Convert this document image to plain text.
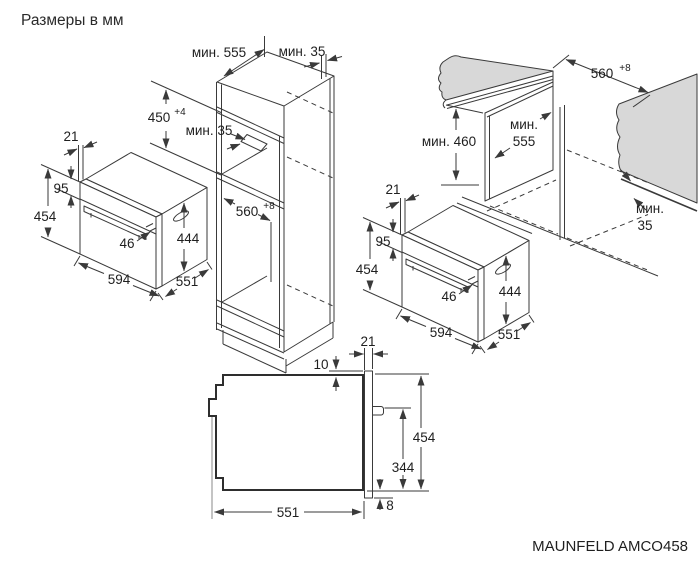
Размеры в мм
MAUNFELD AMCO458
мин. 555 мин. 35
450 +4
мин. 35
560 +8
21
95
454
46	444
594	551
560 +8
мин. 460
мин.
555
мин.
35
21
95
454
46	444
594	551
21
10
454
344
8
551
